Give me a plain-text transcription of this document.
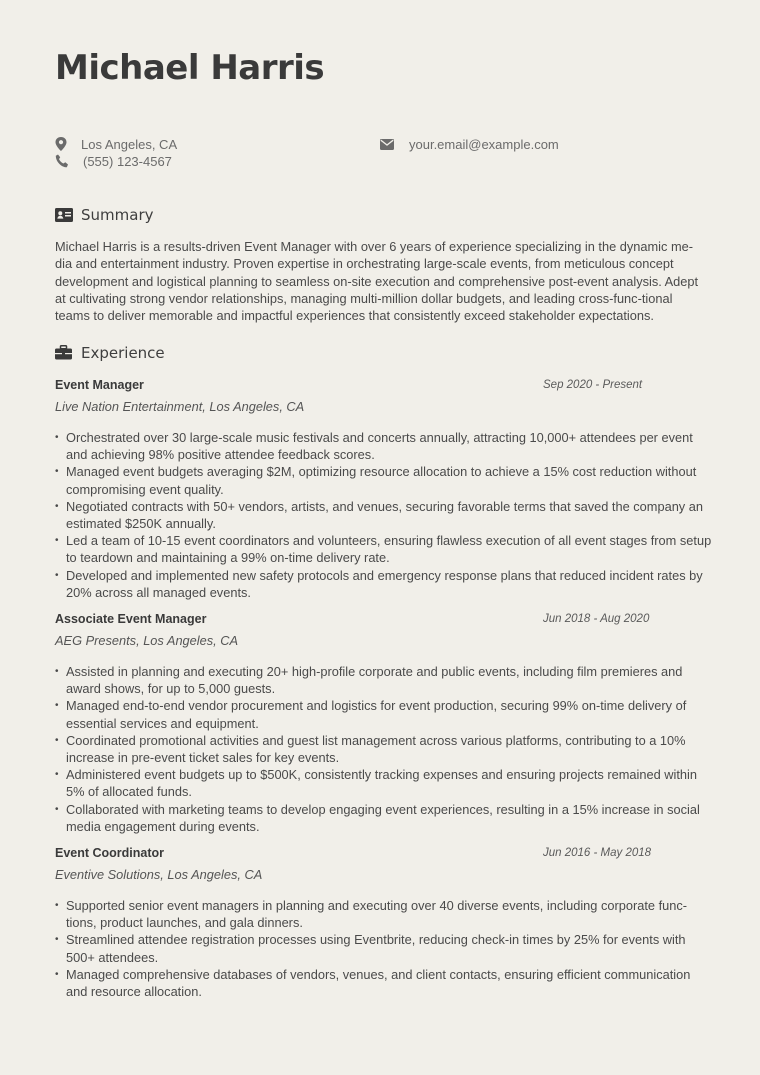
Michael Harris
Los Angeles, CA
(555) 123-4567
your.email@example.com
Summary

Michael Harris is a results-driven Event Manager with over 6 years of experience specializing in the dynamic me-dia and entertainment industry. Proven expertise in orchestrating large-scale events, from meticulous concept development and logistical planning to seamless on-site execution and comprehensive post-event analysis. Adept at cultivating strong vendor relationships, managing multi-million dollar budgets, and leading cross-func-tional teams to deliver memorable and impactful experiences that consistently exceed stakeholder expectations.

Experience
Event Manager	Sep 2020 - Present
Live Nation Entertainment, Los Angeles, CA
• Orchestrated over 30 large-scale music festivals and concerts annually, attracting 10,000+ attendees per event and achieving 98% positive attendee feedback scores.
• Managed event budgets averaging $2M, optimizing resource allocation to achieve a 15% cost reduction without compromising event quality.
• Negotiated contracts with 50+ vendors, artists, and venues, securing favorable terms that saved the company an estimated $250K annually.
• Led a team of 10-15 event coordinators and volunteers, ensuring flawless execution of all event stages from setup to teardown and maintaining a 99% on-time delivery rate.
• Developed and implemented new safety protocols and emergency response plans that reduced incident rates by 20% across all managed events.
Associate Event Manager	Jun 2018 - Aug 2020
AEG Presents, Los Angeles, CA
• Assisted in planning and executing 20+ high-profile corporate and public events, including film premieres and award shows, for up to 5,000 guests.
• Managed end-to-end vendor procurement and logistics for event production, securing 99% on-time delivery of essential services and equipment.
• Coordinated promotional activities and guest list management across various platforms, contributing to a 10% increase in pre-event ticket sales for key events.
• Administered event budgets up to $500K, consistently tracking expenses and ensuring projects remained within 5% of allocated funds.
• Collaborated with marketing teams to develop engaging event experiences, resulting in a 15% increase in social media engagement during events.
Event Coordinator	Jun 2016 - May 2018
Eventive Solutions, Los Angeles, CA
• Supported senior event managers in planning and executing over 40 diverse events, including corporate func-tions, product launches, and gala dinners.
• Streamlined attendee registration processes using Eventbrite, reducing check-in times by 25% for events with 500+ attendees.
• Managed comprehensive databases of vendors, venues, and client contacts, ensuring efficient communication and resource allocation.
